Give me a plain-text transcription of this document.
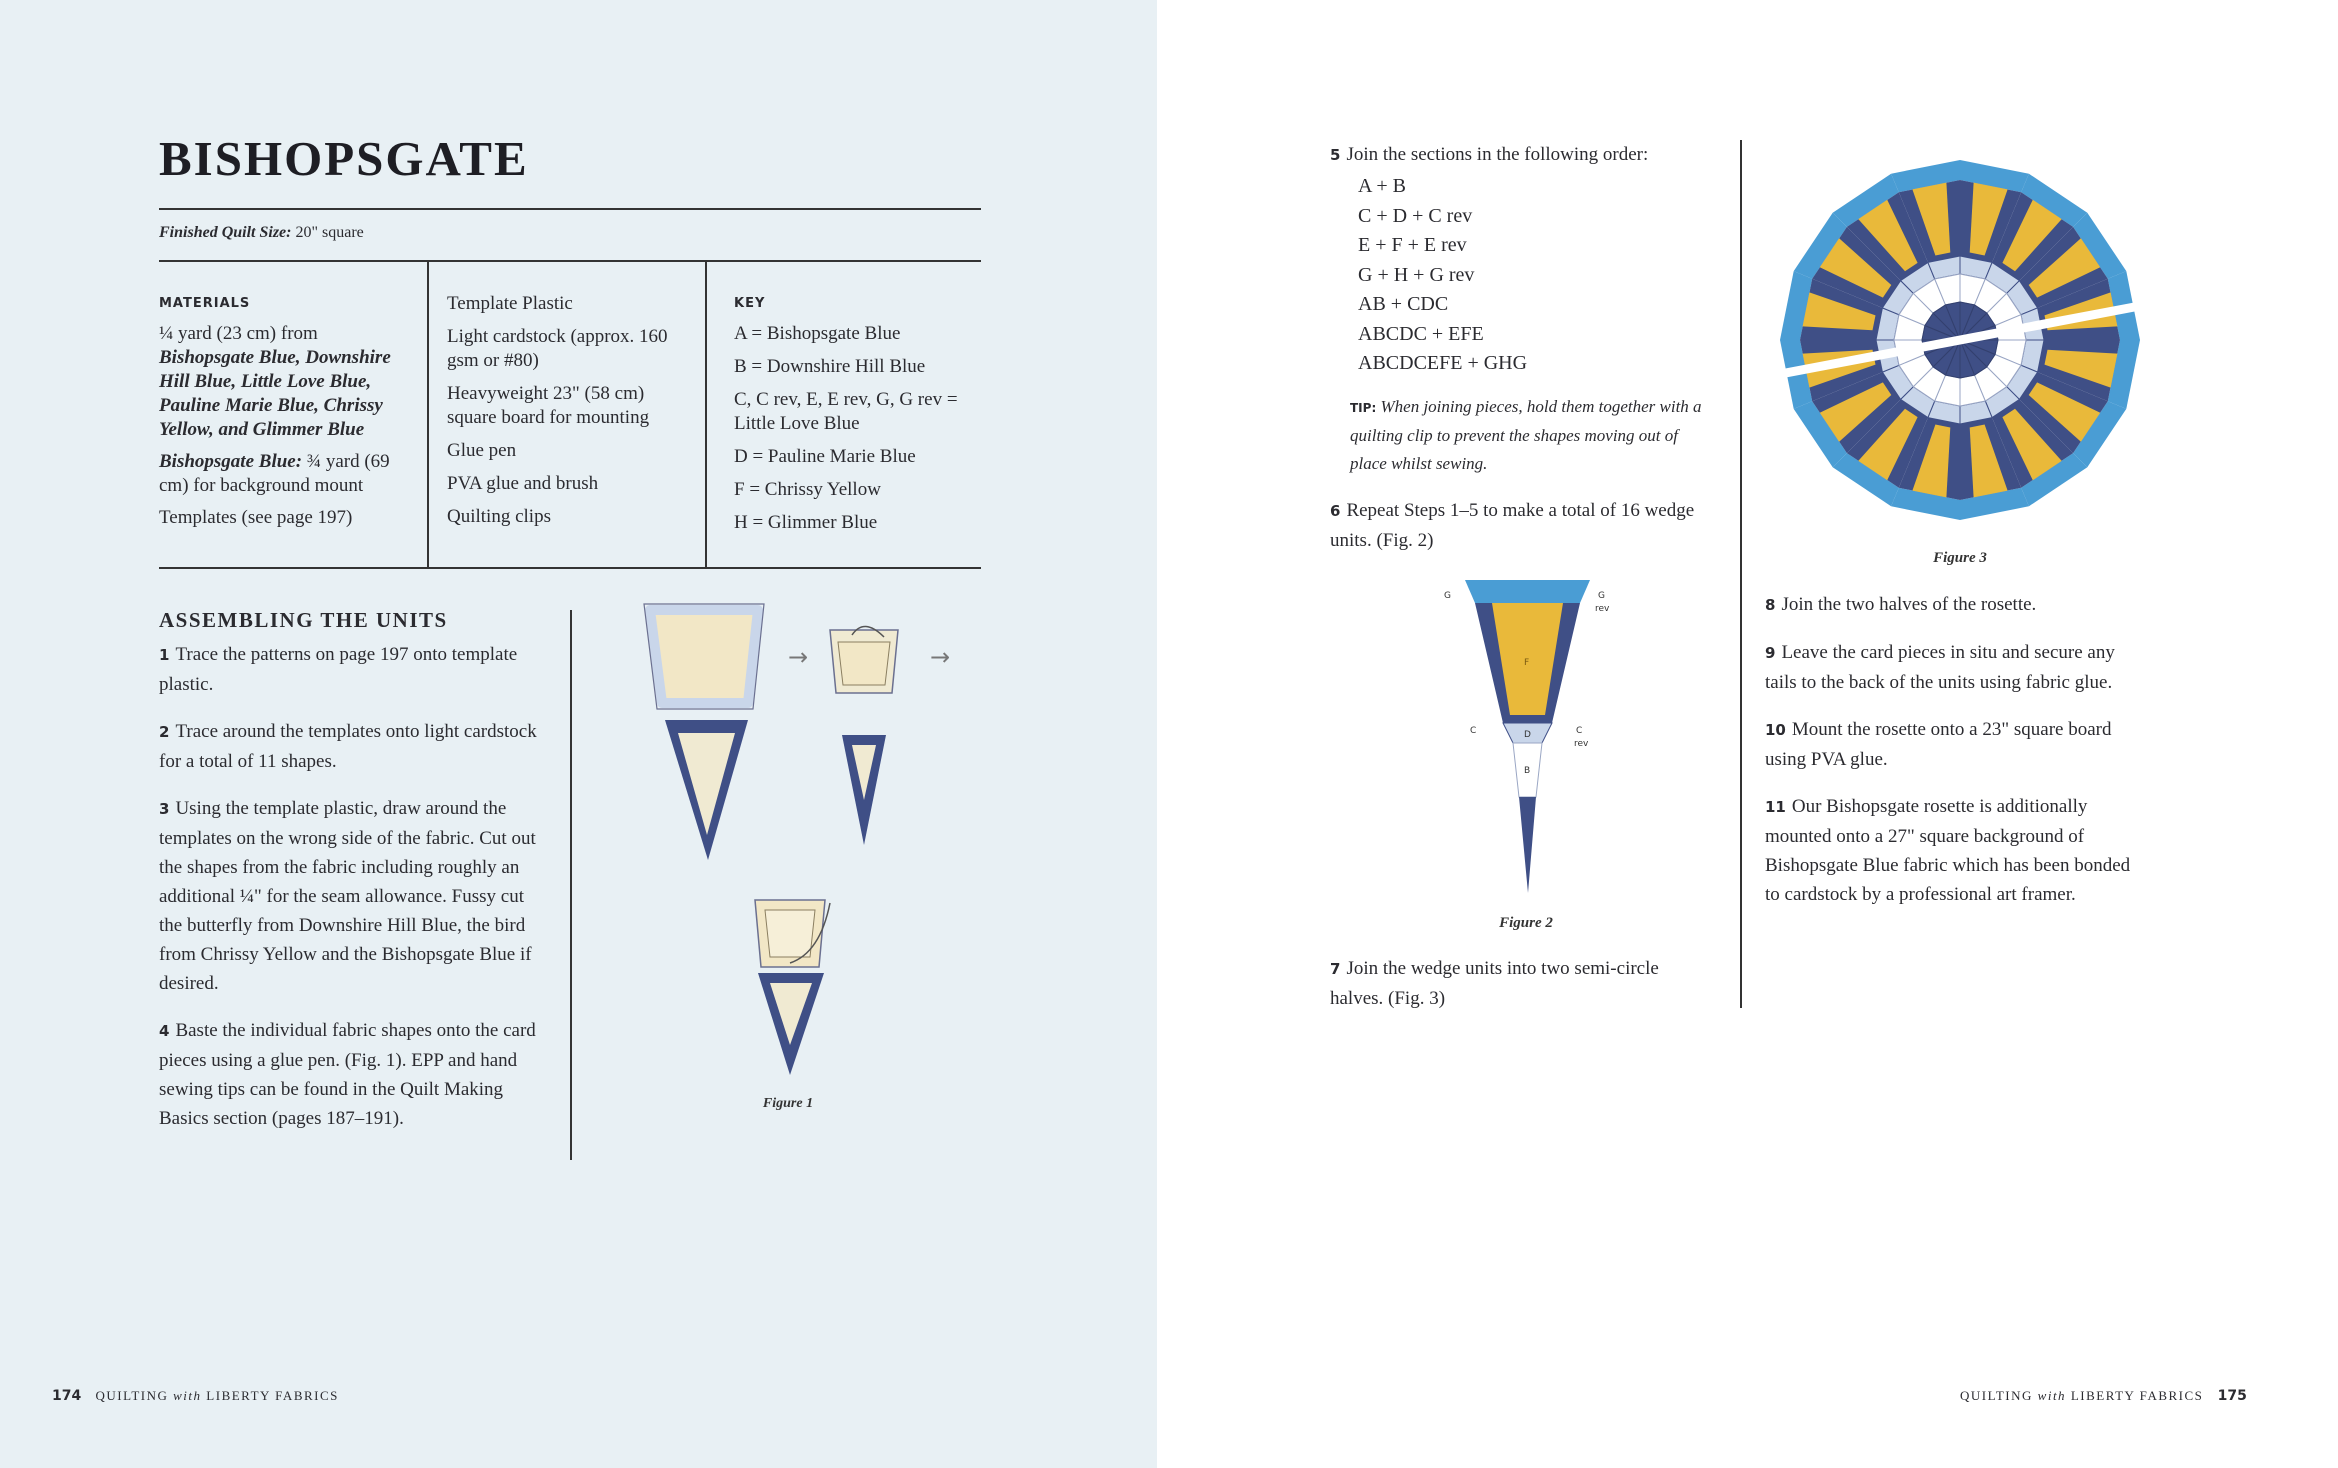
BISHOPSGATE
Finished Quilt Size: 20" square
MATERIALS

¼ yard (23 cm) from Bishopsgate Blue, Downshire Hill Blue, Little Love Blue, Pauline Marie Blue, Chrissy Yellow, and Glimmer Blue

Bishopsgate Blue: ¾ yard (69 cm) for background mount

Templates (see page 197)

Template Plastic
Light cardstock (approx. 160 gsm or #80)
Heavyweight 23" (58 cm) square board for mounting
Glue pen
PVA glue and brush
Quilting clips
KEY
A = Bishopsgate Blue
B = Downshire Hill Blue
C, C rev, E, E rev, G, G rev = Little Love Blue
D = Pauline Marie Blue
F = Chrissy Yellow
H = Glimmer Blue
ASSEMBLING THE UNITS
1 Trace the patterns on page 197 onto template plastic.
2 Trace around the templates onto light cardstock for a total of 11 shapes.
3 Using the template plastic, draw around the templates on the wrong side of the fabric. Cut out the shapes from the fabric including roughly an additional ¼" for the seam allowance. Fussy cut the butterfly from Downshire Hill Blue, the bird from Chrissy Yellow and the Bishopsgate Blue if desired.
4 Baste the individual fabric shapes onto the card pieces using a glue pen. (Fig. 1). EPP and hand sewing tips can be found in the Quilt Making Basics section (pages 187–191).
→	→
Figure 1
174 QUILTING with LIBERTY FABRICS
5 Join the sections in the following order:
A + B
C + D + C rev
E + F + E rev
G + H + G rev
AB + CDC
ABCDC + EFE
ABCDCEFE + GHG
TIP: When joining pieces, hold them together with a quilting clip to prevent the shapes moving out of place whilst sewing.
6 Repeat Steps 1–5 to make a total of 16 wedge units. (Fig. 2)
G	G
rev
F
C	D	C
rev
B
Figure 2
7 Join the wedge units into two semi-circle halves. (Fig. 3)
Figure 3
8 Join the two halves of the rosette.
9 Leave the card pieces in situ and secure any tails to the back of the units using fabric glue.
10 Mount the rosette onto a 23" square board using PVA glue.
11 Our Bishopsgate rosette is additionally mounted onto a 27" square background of Bishopsgate Blue fabric which has been bonded to cardstock by a professional art framer.
QUILTING with LIBERTY FABRICS 175
